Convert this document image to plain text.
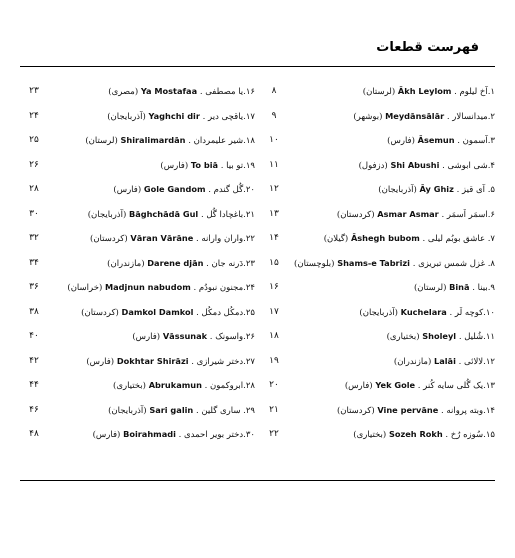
فهرست قطعات
۱.آخ لیلوم . Ākh Leylom (لرستان)
۸
۲.میدانسالار . Meydānsālār (بوشهر)
۹
۳.آسمون . Āsemun (فارس)
۱۰
۴.شی ابوشی . Shi Abushi (دزفول)
۱۱
۵. آی قیز . Āy Ghiz (آذربایجان)
۱۲
۶.اسمَر اَسمَر . Asmar Asmar (کردستان)
۱۳
۷. عاشق بوبُم لیلی . Āshegh bubom (گیلان)
۱۴
۸. غزل شمس تبریزی . Shams-e Tabrizi (بلوچستان)
۱۵
۹.بینا . Binā (لرستان)
۱۶
۱۰.کوچه لَر . Kuchelara (آذربایجان)
۱۷
۱۱.شُلیل . Sholeyl (بختیاری)
۱۸
۱۲.لالائی . Lalāi (مازندران)
۱۹
۱۳.یک گُلی سایه کُنر . Yek Gole (فارس)
۲۰
۱۴.وبته پروانه . Vine pervāne (کردستان)
۲۱
۱۵.سُوزه رُخ . Sozeh Rokh (بختیاری)
۲۲
۱۶.یا مصطفی . Ya Mostafaa (مصری)
۲۳
۱۷.یاقچی دیر . Yaghchi dir (آذربایجان)
۲۴
۱۸.شیر علیمردان . Shiralimardān (لرستان)
۲۵
۱۹.تو بیا . To biā (فارس)
۲۶
۲۰.گُل گندم . Gole Gandom (فارس)
۲۸
۲۱.باغچادا گُل . Bāghchādā Gul (آذربایجان)
۳۰
۲۲.واران وارانه . Vāran Vārāne (کردستان)
۳۲
۲۳.دَرنه جان . Darene djān (مازندران)
۳۴
۲۴.مجنون نبودُم . Madjnun nabudom (خراسان)
۳۶
۲۵.دمکُل دمکُل . Damkol Damkol (کردستان)
۳۸
۲۶.واسونک . Vāssunak (فارس)
۴۰
۲۷.دختر شیرازی . Dokhtar Shirāzi (فارس)
۴۲
۲۸.ابروکمون . Abrukamun (بختیاری)
۴۴
۲۹. ساری گلین . Sari galin (آذربایجان)
۴۶
۳۰.دختر بویر احمدی . Boirahmadi (فارس)
۴۸
